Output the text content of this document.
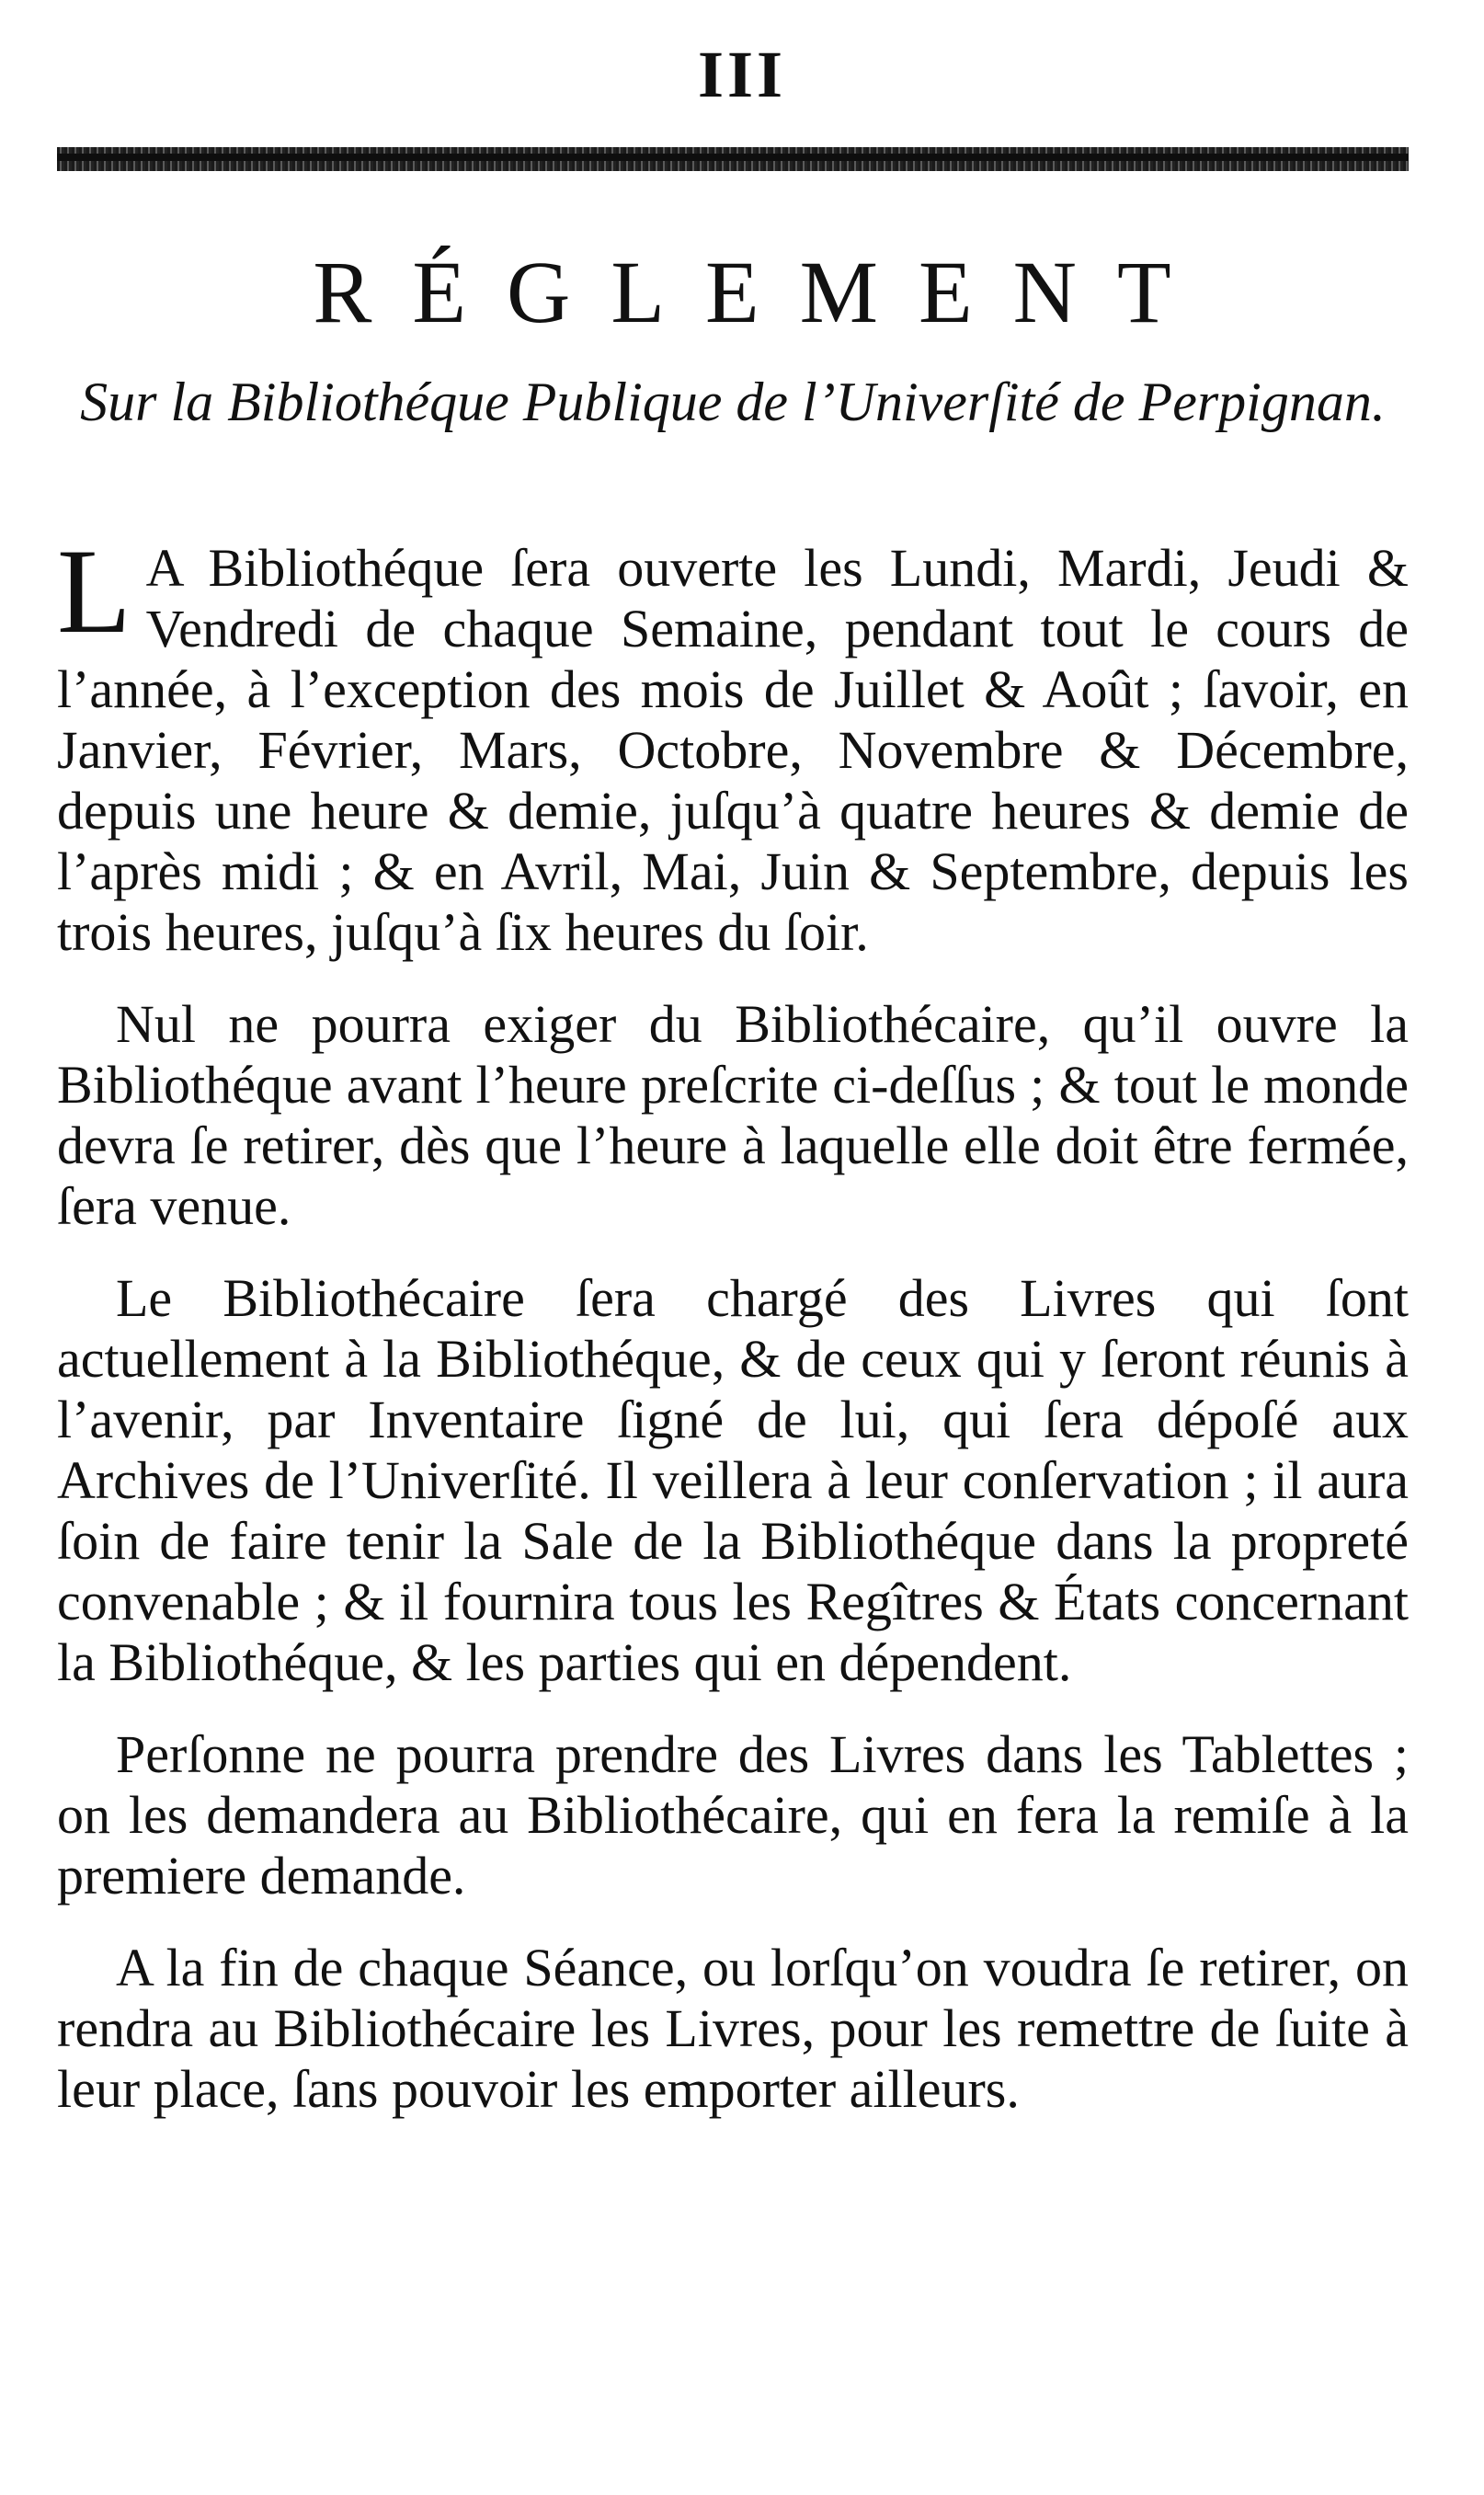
III
RÉGLEMENT
Sur la Bibliothéque Publique de l’Univerſité de Perpignan.

L A Bibliothéque ſera ouverte les Lundi, Mardi, Jeudi & Vendredi de chaque Semaine, pendant tout le cours de l’année, à l’exception des mois de Juillet & Août ; ſavoir, en Janvier, Février, Mars, Octobre, Novembre & Décembre, depuis une heure & demie, juſqu’à quatre heures & demie de l’après midi ; & en Avril, Mai, Juin & Septembre, depuis les trois heures, juſqu’à ſix heures du ſoir.

Nul ne pourra exiger du Bibliothécaire, qu’il ouvre la Bibliothéque avant l’heure preſcrite ci-deſſus ; & tout le monde devra ſe retirer, dès que l’heure à laquelle elle doit être fermée, ſera venue.

Le Bibliothécaire ſera chargé des Livres qui ſont actuellement à la Bibliothéque, & de ceux qui y ſeront réunis à l’avenir, par Inventaire ſigné de lui, qui ſera dépoſé aux Archives de l’Univerſité. Il veillera à leur conſervation ; il aura ſoin de faire tenir la Sale de la Bibliothéque dans la propreté convenable ; & il fournira tous les Regîtres & États concernant la Bibliothéque, & les parties qui en dépendent.

Perſonne ne pourra prendre des Livres dans les Tablettes ; on les demandera au Bibliothécaire, qui en fera la remiſe à la premiere demande.

A la fin de chaque Séance, ou lorſqu’on voudra ſe retirer, on rendra au Bibliothécaire les Livres, pour les remettre de ſuite à leur place, ſans pouvoir les emporter ailleurs.
